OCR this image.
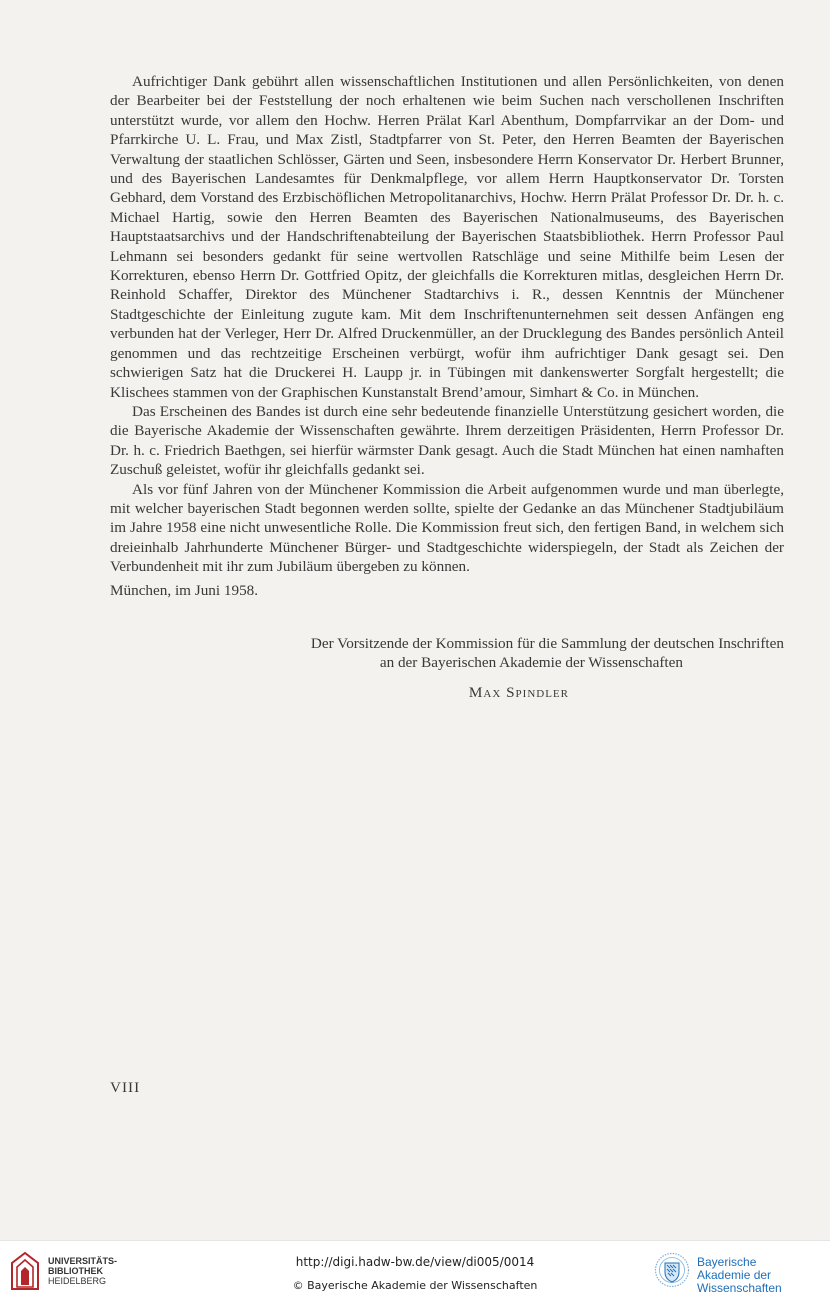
Aufrichtiger Dank gebührt allen wissenschaftlichen Institutionen und allen Persönlichkeiten, von denen der Bearbeiter bei der Feststellung der noch erhaltenen wie beim Suchen nach verschollenen Inschriften unterstützt wurde, vor allem den Hochw. Herren Prälat Karl Abenthum, Dompfarrvikar an der Dom- und Pfarrkirche U. L. Frau, und Max Zistl, Stadtpfarrer von St. Peter, den Herren Beamten der Bayerischen Verwaltung der staatlichen Schlösser, Gärten und Seen, insbesondere Herrn Konservator Dr. Herbert Brunner, und des Bayerischen Landesamtes für Denkmalpflege, vor allem Herrn Hauptkonservator Dr. Torsten Gebhard, dem Vorstand des Erzbischöflichen Metropolitanarchivs, Hochw. Herrn Prälat Professor Dr. Dr. h. c. Michael Hartig, sowie den Herren Beamten des Bayerischen Nationalmuseums, des Bayerischen Hauptstaatsarchivs und der Handschriftenabteilung der Bayerischen Staatsbibliothek. Herrn Professor Paul Lehmann sei besonders gedankt für seine wertvollen Ratschläge und seine Mithilfe beim Lesen der Korrekturen, ebenso Herrn Dr. Gottfried Opitz, der gleichfalls die Korrekturen mitlas, desgleichen Herrn Dr. Reinhold Schaffer, Direktor des Münchener Stadtarchivs i. R., dessen Kenntnis der Münchener Stadtgeschichte der Einleitung zugute kam. Mit dem Inschriftenunternehmen seit dessen Anfängen eng verbunden hat der Verleger, Herr Dr. Alfred Druckenmüller, an der Drucklegung des Bandes persönlich Anteil genommen und das rechtzeitige Erscheinen verbürgt, wofür ihm aufrichtiger Dank gesagt sei. Den schwierigen Satz hat die Druckerei H. Laupp jr. in Tübingen mit dankenswerter Sorgfalt hergestellt; die Klischees stammen von der Graphischen Kunstanstalt Brend’amour, Simhart & Co. in München.

Das Erscheinen des Bandes ist durch eine sehr bedeutende finanzielle Unterstützung gesichert worden, die die Bayerische Akademie der Wissenschaften gewährte. Ihrem derzeitigen Präsidenten, Herrn Professor Dr. Dr. h. c. Friedrich Baethgen, sei hierfür wärmster Dank gesagt. Auch die Stadt München hat einen namhaften Zuschuß geleistet, wofür ihr gleichfalls gedankt sei.

Als vor fünf Jahren von der Münchener Kommission die Arbeit aufgenommen wurde und man überlegte, mit welcher bayerischen Stadt begonnen werden sollte, spielte der Gedanke an das Münchener Stadtjubiläum im Jahre 1958 eine nicht unwesentliche Rolle. Die Kommission freut sich, den fertigen Band, in welchem sich dreieinhalb Jahrhunderte Münchener Bürger- und Stadtgeschichte widerspiegeln, der Stadt als Zeichen der Verbundenheit mit ihr zum Jubiläum übergeben zu können.

München, im Juni 1958.

Der Vorsitzende der Kommission für die Sammlung der deutschen Inschriften
an der Bayerischen Akademie der Wissenschaften
Max Spindler
VIII
UNIVERSITÄTS-
BIBLIOTHEK
HEIDELBERG
http://digi.hadw-bw.de/view/di005/0014
© Bayerische Akademie der Wissenschaften
Bayerische
Akademie der Wissenschaften
